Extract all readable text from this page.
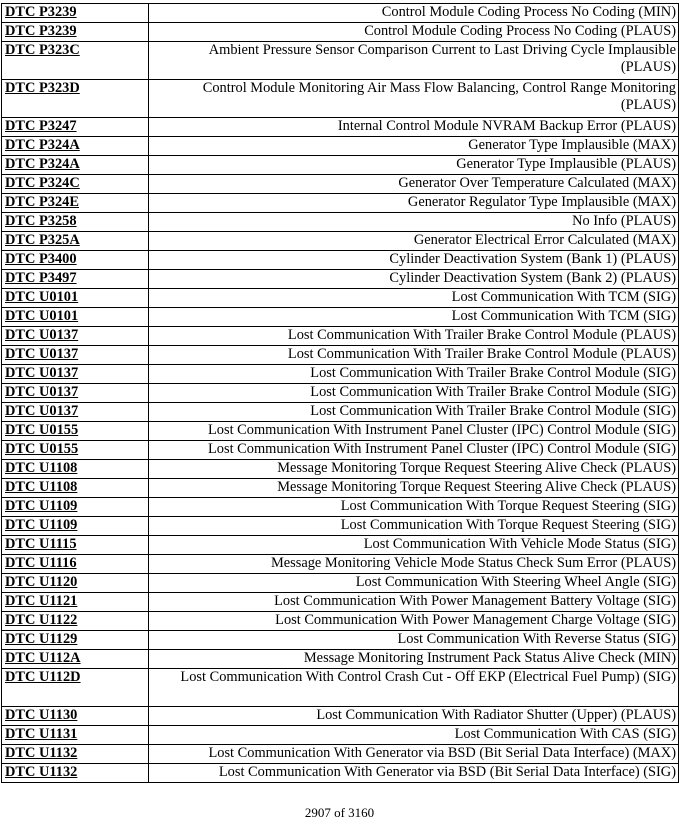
DTC P3239	Control Module Coding Process No Coding (MIN)
DTC P3239	Control Module Coding Process No Coding (PLAUS)
DTC P323C	Ambient Pressure Sensor Comparison Current to Last Driving Cycle Implausible (PLAUS)
DTC P323D	Control Module Monitoring Air Mass Flow Balancing, Control Range Monitoring (PLAUS)
DTC P3247	Internal Control Module NVRAM Backup Error (PLAUS)
DTC P324A	Generator Type Implausible (MAX)
DTC P324A	Generator Type Implausible (PLAUS)
DTC P324C	Generator Over Temperature Calculated (MAX)
DTC P324E	Generator Regulator Type Implausible (MAX)
DTC P3258	No Info (PLAUS)
DTC P325A	Generator Electrical Error Calculated (MAX)
DTC P3400	Cylinder Deactivation System (Bank 1) (PLAUS)
DTC P3497	Cylinder Deactivation System (Bank 2) (PLAUS)
DTC U0101	Lost Communication With TCM (SIG)
DTC U0101	Lost Communication With TCM (SIG)
DTC U0137	Lost Communication With Trailer Brake Control Module (PLAUS)
DTC U0137	Lost Communication With Trailer Brake Control Module (PLAUS)
DTC U0137	Lost Communication With Trailer Brake Control Module (SIG)
DTC U0137	Lost Communication With Trailer Brake Control Module (SIG)
DTC U0137	Lost Communication With Trailer Brake Control Module (SIG)
DTC U0155	Lost Communication With Instrument Panel Cluster (IPC) Control Module (SIG)
DTC U0155	Lost Communication With Instrument Panel Cluster (IPC) Control Module (SIG)
DTC U1108	Message Monitoring Torque Request Steering Alive Check (PLAUS)
DTC U1108	Message Monitoring Torque Request Steering Alive Check (PLAUS)
DTC U1109	Lost Communication With Torque Request Steering (SIG)
DTC U1109	Lost Communication With Torque Request Steering (SIG)
DTC U1115	Lost Communication With Vehicle Mode Status (SIG)
DTC U1116	Message Monitoring Vehicle Mode Status Check Sum Error (PLAUS)
DTC U1120	Lost Communication With Steering Wheel Angle (SIG)
DTC U1121	Lost Communication With Power Management Battery Voltage (SIG)
DTC U1122	Lost Communication With Power Management Charge Voltage (SIG)
DTC U1129	Lost Communication With Reverse Status (SIG)
DTC U112A	Message Monitoring Instrument Pack Status Alive Check (MIN)
DTC U112D	Lost Communication With Control Crash Cut - Off EKP (Electrical Fuel Pump) (SIG)
DTC U1130	Lost Communication With Radiator Shutter (Upper) (PLAUS)
DTC U1131	Lost Communication With CAS (SIG)
DTC U1132	Lost Communication With Generator via BSD (Bit Serial Data Interface) (MAX)
DTC U1132	Lost Communication With Generator via BSD (Bit Serial Data Interface) (SIG)
2907 of 3160
